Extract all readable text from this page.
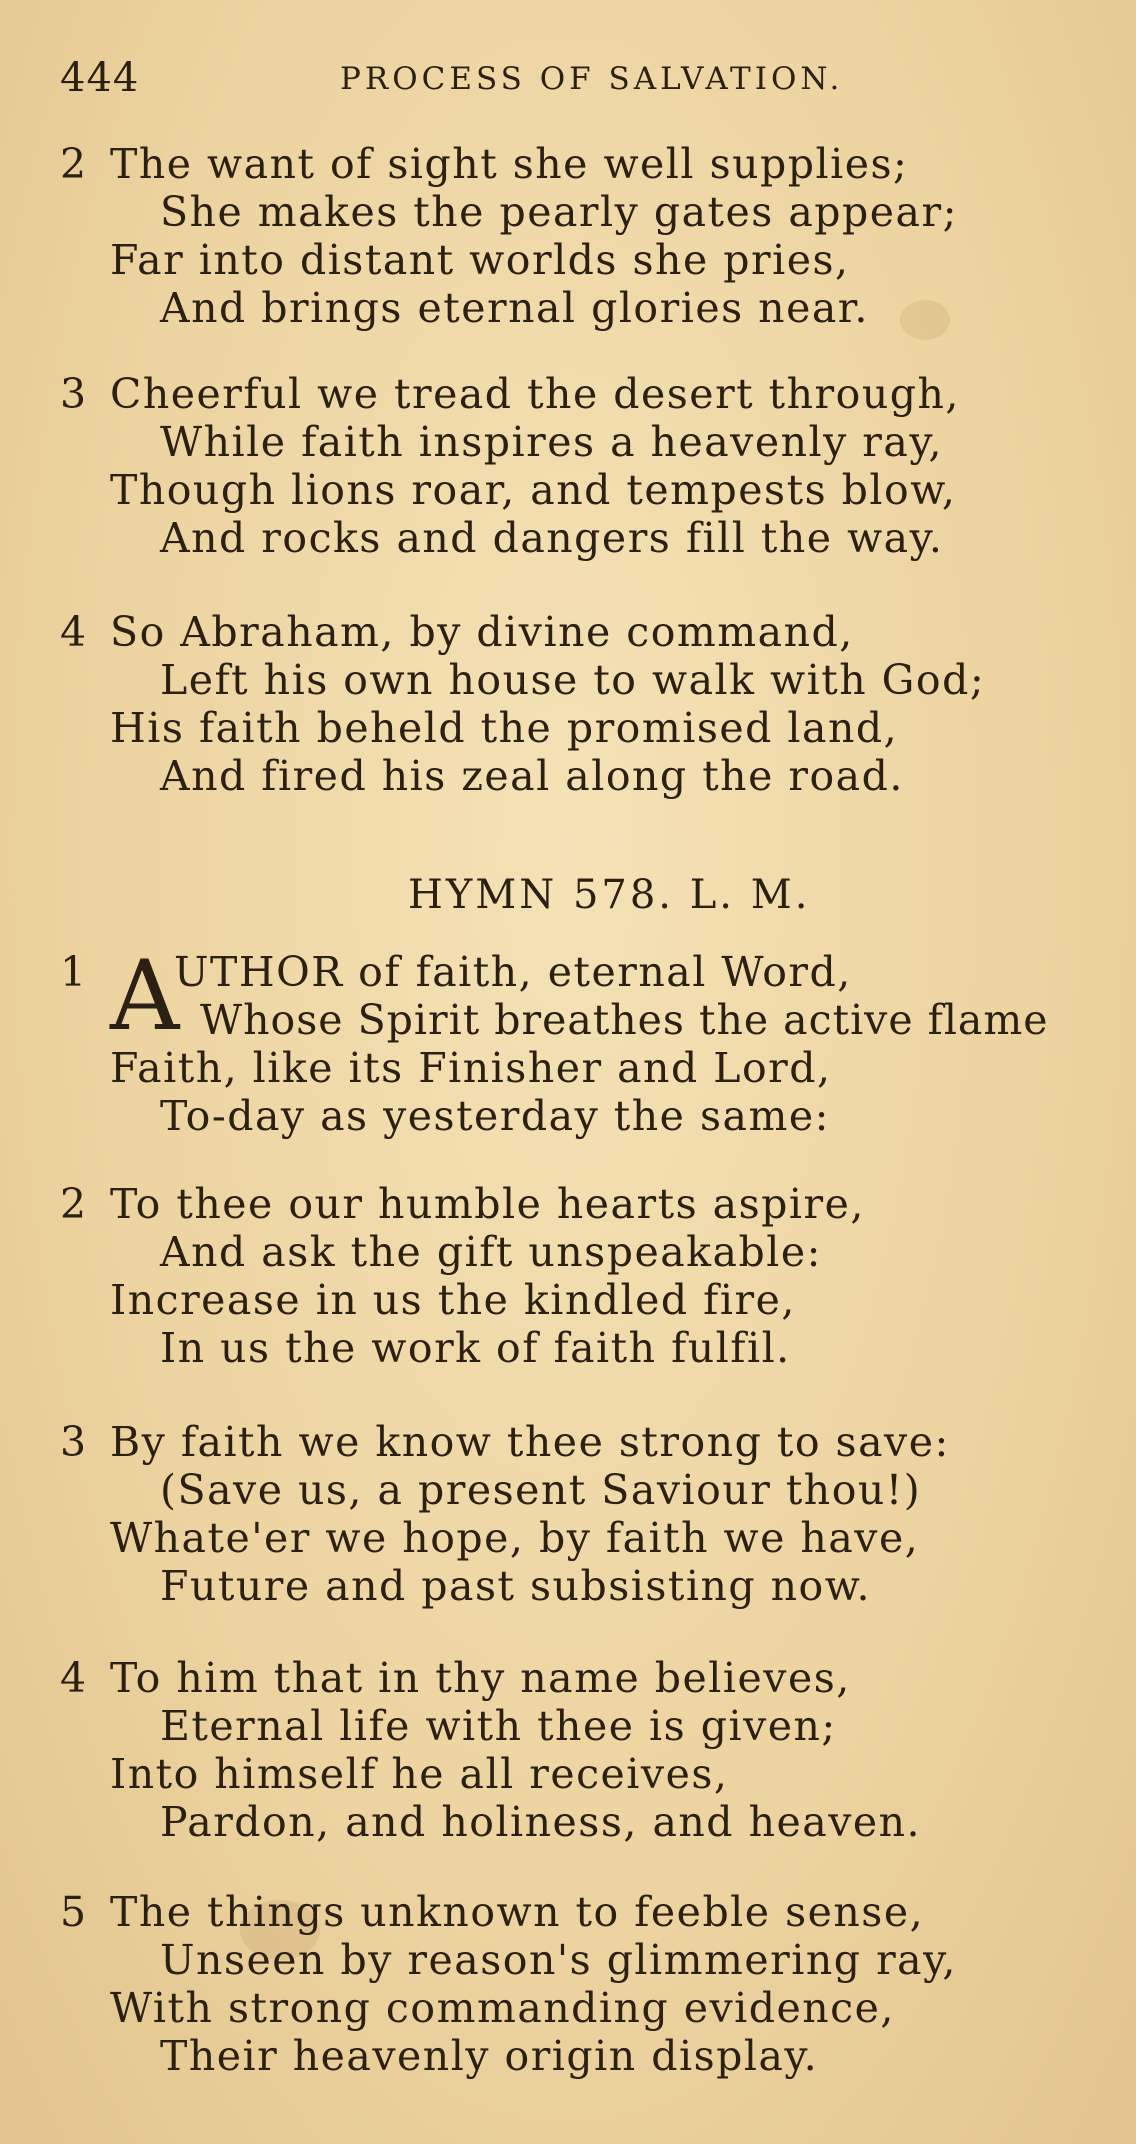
444	PROCESS OF SALVATION.
2 The want of sight she well supplies;
She makes the pearly gates appear;
Far into distant worlds she pries,
And brings eternal glories near.
3 Cheerful we tread the desert through,
While faith inspires a heavenly ray,
Though lions roar, and tempests blow,
And rocks and dangers fill the way.
4 So Abraham, by divine command,
Left his own house to walk with God;
His faith beheld the promised land,
And fired his zeal along the road.
HYMN 578. L. M.
1 A
UTHOR of faith, eternal Word,
Whose Spirit breathes the active flame
Faith, like its Finisher and Lord,
To-day as yesterday the same:
2 To thee our humble hearts aspire,
And ask the gift unspeakable:
Increase in us the kindled fire,
In us the work of faith fulfil.
3 By faith we know thee strong to save:
(Save us, a present Saviour thou!)
Whate'er we hope, by faith we have,
Future and past subsisting now.
4 To him that in thy name believes,
Eternal life with thee is given;
Into himself he all receives,
Pardon, and holiness, and heaven.
5 The things unknown to feeble sense,
Unseen by reason's glimmering ray,
With strong commanding evidence,
Their heavenly origin display.
